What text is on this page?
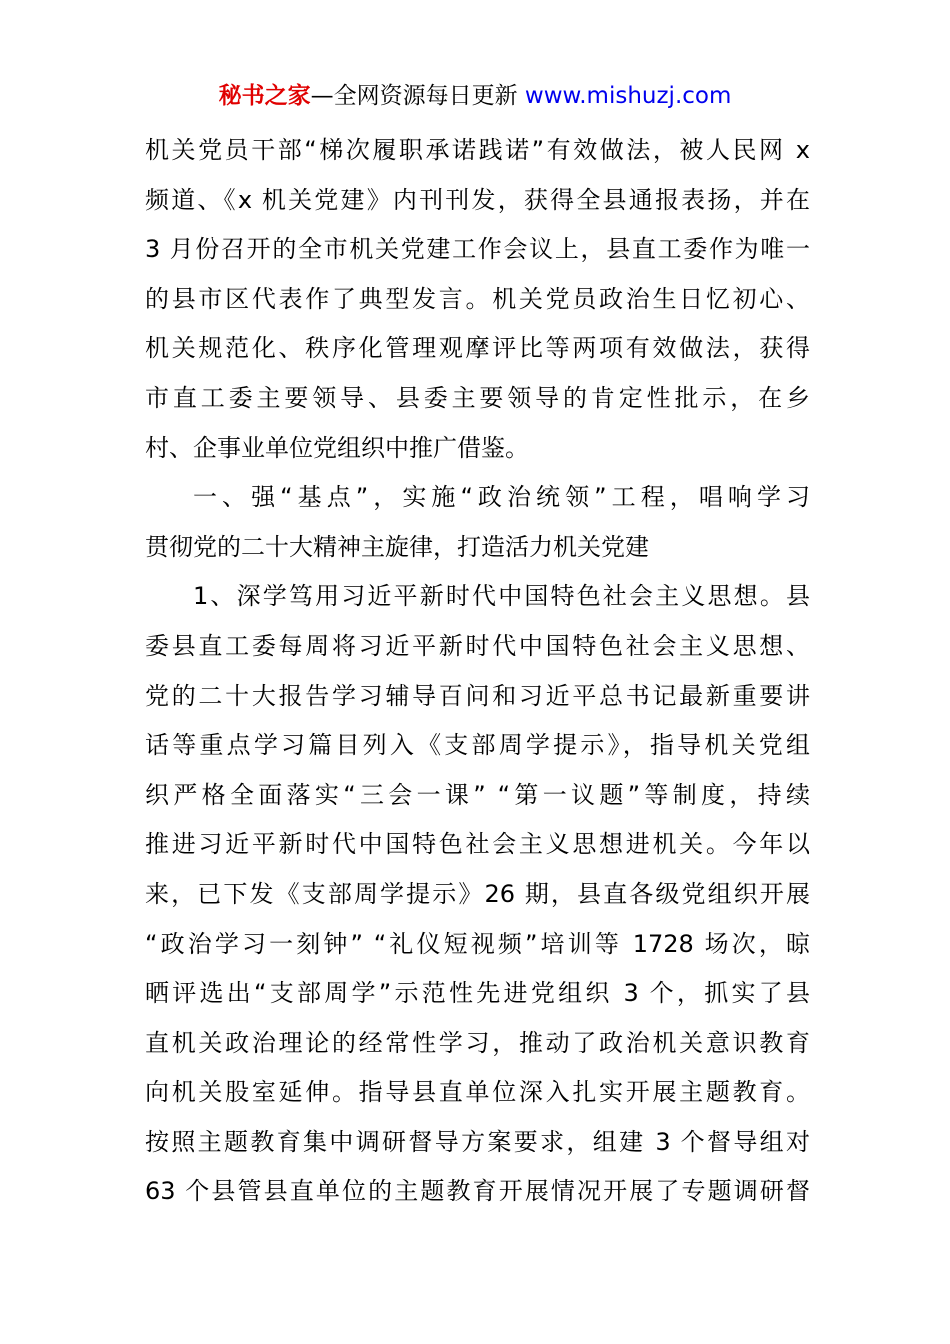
秘书之家—全网资源每日更新 www.mishuzj.com
机关党员干部“梯次履职承诺践诺”有效做法，被人民网 x
频道、《x 机关党建》内刊刊发，获得全县通报表扬，并在
3 月份召开的全市机关党建工作会议上，县直工委作为唯一
的县市区代表作了典型发言。机关党员政治生日忆初心、
机关规范化、秩序化管理观摩评比等两项有效做法，获得
市直工委主要领导、县委主要领导的肯定性批示，在乡
村、企事业单位党组织中推广借鉴。
一、强“基点”，实施“政治统领”工程，唱响学习
贯彻党的二十大精神主旋律，打造活力机关党建
1、深学笃用习近平新时代中国特色社会主义思想。县
委县直工委每周将习近平新时代中国特色社会主义思想、
党的二十大报告学习辅导百问和习近平总书记最新重要讲
话等重点学习篇目列入《支部周学提示》，指导机关党组
织严格全面落实“三会一课” “第一议题”等制度，持续
推进习近平新时代中国特色社会主义思想进机关。今年以
来，已下发《支部周学提示》26 期，县直各级党组织开展
“政治学习一刻钟” “礼仪短视频”培训等 1728 场次，晾
晒评选出“支部周学”示范性先进党组织 3 个，抓实了县
直机关政治理论的经常性学习，推动了政治机关意识教育
向机关股室延伸。指导县直单位深入扎实开展主题教育。
按照主题教育集中调研督导方案要求，组建 3 个督导组对
63 个县管县直单位的主题教育开展情况开展了专题调研督
